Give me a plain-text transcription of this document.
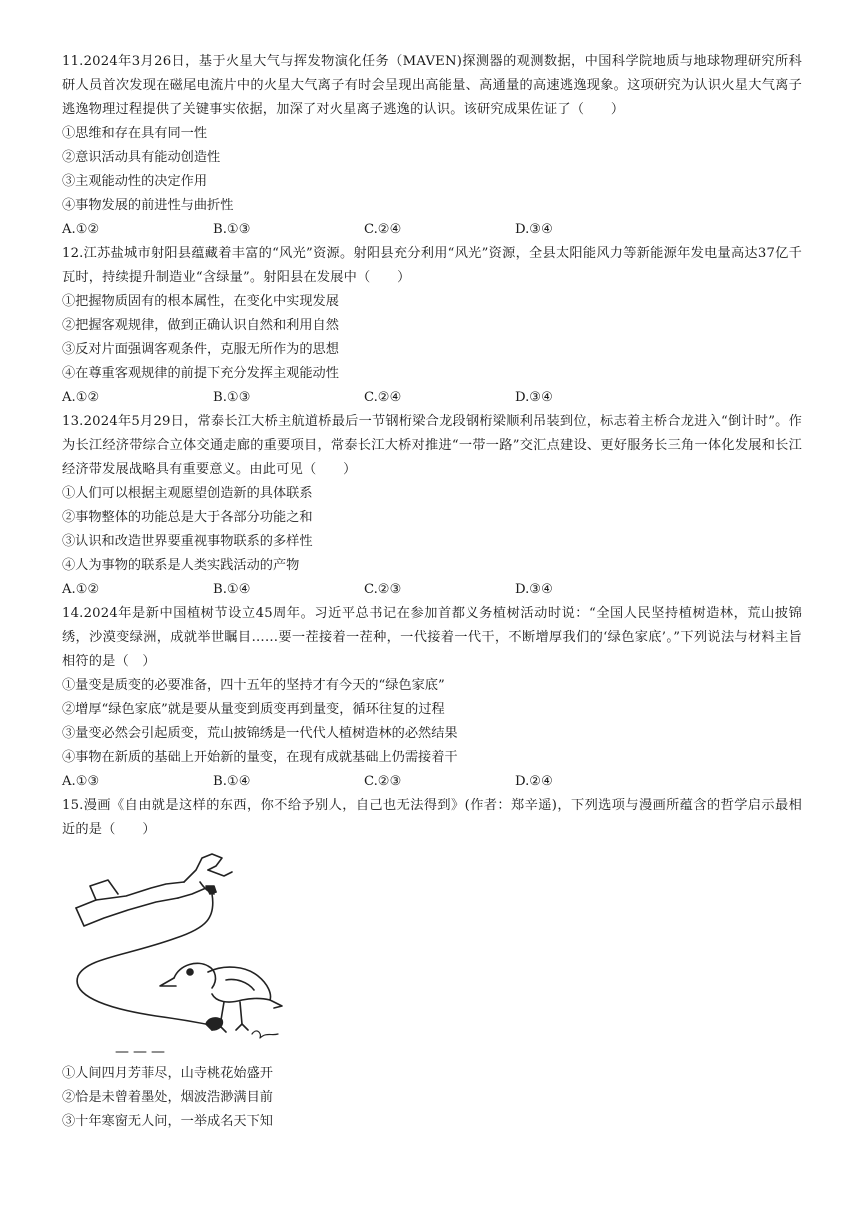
11.2024年3月26日，基于火星大气与挥发物演化任务（MAVEN)探测器的观测数据，中国科学院地质与地球物理研究所科研人员首次发现在磁尾电流片中的火星大气离子有时会呈现出高能量、高通量的高速逃逸现象。这项研究为认识火星大气离子逃逸物理过程提供了关键事实依据，加深了对火星离子逃逸的认识。该研究成果佐证了（　　）

①思维和存在具有同一性

②意识活动具有能动创造性

③主观能动性的决定作用

④事物发展的前进性与曲折性

A.①②	B.①③	C.②④	D.③④

12.江苏盐城市射阳县蕴藏着丰富的“风光”资源。射阳县充分利用“风光”资源，全县太阳能风力等新能源年发电量高达37亿千瓦时，持续提升制造业“含绿量”。射阳县在发展中（　　）

①把握物质固有的根本属性，在变化中实现发展

②把握客观规律，做到正确认识自然和利用自然

③反对片面强调客观条件，克服无所作为的思想

④在尊重客观规律的前提下充分发挥主观能动性

A.①②	B.①③	C.②④	D.③④

13.2024年5月29日，常泰长江大桥主航道桥最后一节钢桁梁合龙段钢桁梁顺利吊装到位，标志着主桥合龙进入“倒计时”。作为长江经济带综合立体交通走廊的重要项目，常泰长江大桥对推进“一带一路”交汇点建设、更好服务长三角一体化发展和长江经济带发展战略具有重要意义。由此可见（　　）

①人们可以根据主观愿望创造新的具体联系

②事物整体的功能总是大于各部分功能之和

③认识和改造世界要重视事物联系的多样性

④人为事物的联系是人类实践活动的产物

A.①②	B.①④	C.②③	D.③④

14.2024年是新中国植树节设立45周年。习近平总书记在参加首都义务植树活动时说：“全国人民坚持植树造林，荒山披锦绣，沙漠变绿洲，成就举世瞩目……要一茬接着一茬种，一代接着一代干，不断增厚我们的‘绿色家底’。”下列说法与材料主旨相符的是（　）

①量变是质变的必要准备，四十五年的坚持才有今天的“绿色家底”

②增厚“绿色家底”就是要从量变到质变再到量变，循环往复的过程

③量变必然会引起质变，荒山披锦绣是一代代人植树造林的必然结果

④事物在新质的基础上开始新的量变，在现有成就基础上仍需接着干

A.①③	B.①④	C.②③	D.②④

15.漫画《自由就是这样的东西，你不给予别人，自己也无法得到》(作者：郑辛遥)，下列选项与漫画所蕴含的哲学启示最相近的是（　　）

①人间四月芳菲尽，山寺桃花始盛开

②恰是未曾着墨处，烟波浩渺满目前

③十年寒窗无人问，一举成名天下知
